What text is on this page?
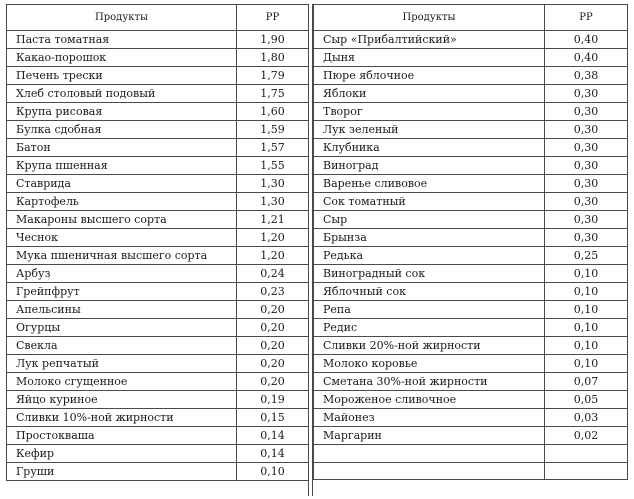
Продукты	РР
Паста томатная	1,90
Какао-порошок	1,80
Печень трески	1,79
Хлеб столовый подовый	1,75
Крупа рисовая	1,60
Булка сдобная	1,59
Батон	1,57
Крупа пшенная	1,55
Ставрида	1,30
Картофель	1,30
Макароны высшего сорта	1,21
Чеснок	1,20
Мука пшеничная высшего сорта	1,20
Арбуз	0,24
Грейпфрут	0,23
Апельсины	0,20
Огурцы	0,20
Свекла	0,20
Лук репчатый	0,20
Молоко сгущенное	0,20
Яйцо куриное	0,19
Сливки 10%-ной жирности	0,15
Простокваша	0,14
Кефир	0,14
Груши	0,10
Продукты	РР
Сыр «Прибалтийский»	0,40
Дыня	0,40
Пюре яблочное	0,38
Яблоки	0,30
Творог	0,30
Лук зеленый	0,30
Клубника	0,30
Виноград	0,30
Варенье сливовое	0,30
Сок томатный	0,30
Сыр	0,30
Брынза	0,30
Редька	0,25
Виноградный сок	0,10
Яблочный сок	0,10
Репа	0,10
Редис	0,10
Сливки 20%-ной жирности	0,10
Молоко коровье	0,10
Сметана 30%-ной жирности	0,07
Мороженое сливочное	0,05
Майонез	0,03
Маргарин	0,02
